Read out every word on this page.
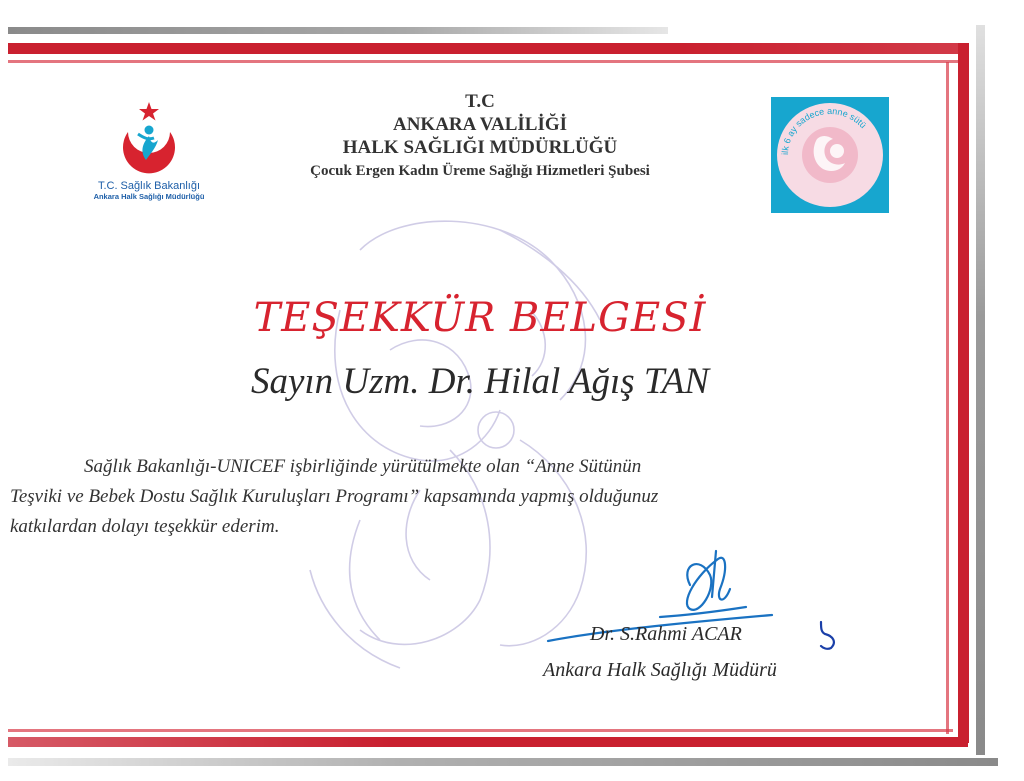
T.C. Sağlık Bakanlığı
Ankara Halk Sağlığı Müdürlüğü
T.C
ANKARA VALİLİĞİ
HALK SAĞLIĞI MÜDÜRLÜĞÜ
Çocuk Ergen Kadın Üreme Sağlığı Hizmetleri Şubesi
ilk 6 ay sadece anne sütü
TEŞEKKÜR BELGESİ
Sayın Uzm. Dr. Hilal Ağış TAN
Sağlık Bakanlığı-UNICEF işbirliğinde yürütülmekte olan “Anne Sütünün
Teşviki ve Bebek Dostu Sağlık Kuruluşları Programı” kapsamında yapmış olduğunuz
katkılardan dolayı teşekkür ederim.
Dr. S.Rahmi ACAR
Ankara Halk Sağlığı Müdürü
